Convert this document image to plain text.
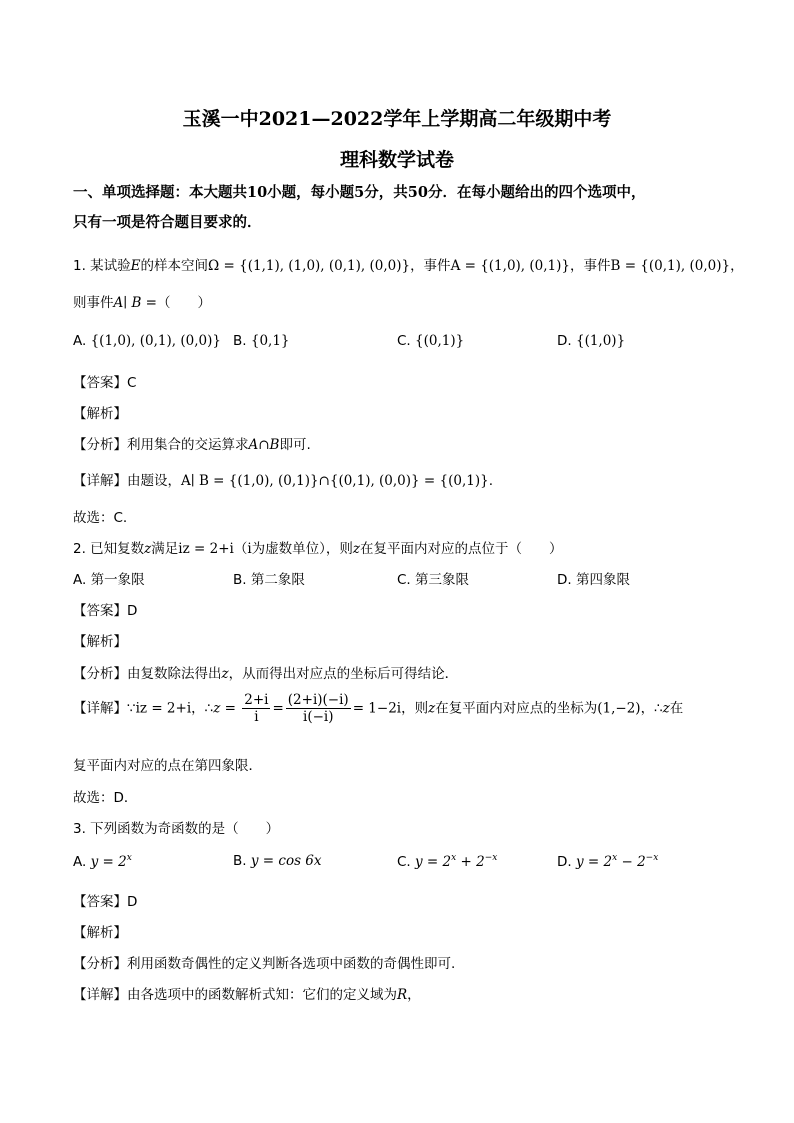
玉溪一中2021—2022学年上学期高二年级期中考
理科数学试卷
一、单项选择题：本大题共10小题，每小题5分，共50分．在每小题给出的四个选项中，
只有一项是符合题目要求的．
1. 某试验E的样本空间Ω = {(1,1), (1,0), (0,1), (0,0)}，事件A = {(1,0), (0,1)}，事件B = {(0,1), (0,0)}，
则事件A∣ B =（　　）
A. {(1,0), (0,1), (0,0)} B. {0,1}	C. {(0,1)}	D. {(1,0)}
【答案】C
【解析】
【分析】利用集合的交运算求A∩B即可.
【详解】由题设，A∣ B = {(1,0), (0,1)}∩{(0,1), (0,0)} = {(0,1)}.
故选：C.
2. 已知复数z满足iz = 2+i（i为虚数单位），则z在复平面内对应的点位于（　　）
A. 第一象限	B. 第二象限	C. 第三象限	D. 第四象限
【答案】D
【解析】
【分析】由复数除法得出z，从而得出对应点的坐标后可得结论．
【详解】∵iz = 2+i，∴z = $\frac{2+i}{i} = \frac{(2+i)(-i)}{i(-i)} = 1-2i$，则z在复平面内对应点的坐标为(1,−2)，∴z在
复平面内对应的点在第四象限．
故选：D．
3. 下列函数为奇函数的是（　　）
A. $y = 2^x$	B. y = cos 6x	C. $y = 2^x + 2^{-x}$	D. $y = 2^x - 2^{-x}$
【答案】D
【解析】
【分析】利用函数奇偶性的定义判断各选项中函数的奇偶性即可.
【详解】由各选项中的函数解析式知：它们的定义域为R，
